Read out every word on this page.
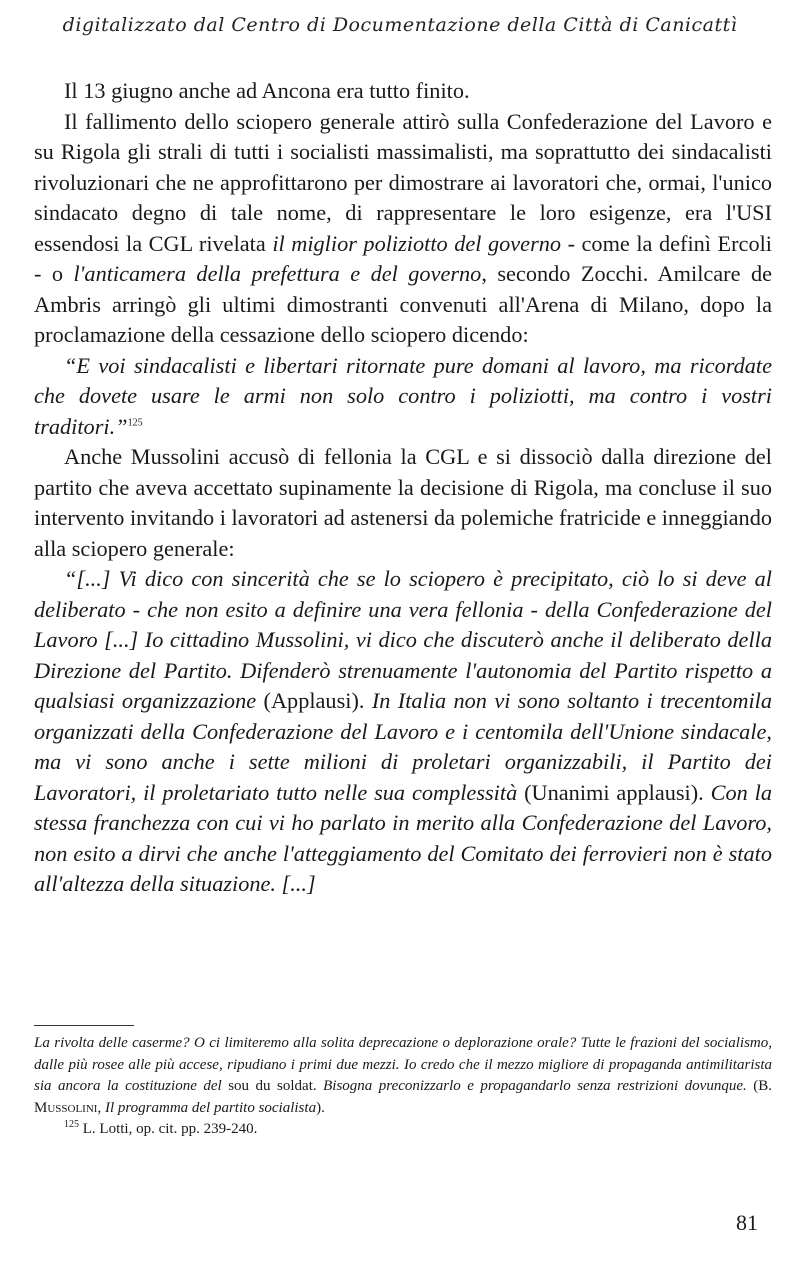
digitalizzato dal Centro di Documentazione della Città di Canicattì

Il 13 giugno anche ad Ancona era tutto finito.

Il fallimento dello sciopero generale attirò sulla Confederazione del Lavoro e su Rigola gli strali di tutti i socialisti massimalisti, ma soprattutto dei sindacalisti rivoluzionari che ne approfittarono per dimostrare ai lavoratori che, ormai, l'unico sindacato degno di tale nome, di rappresentare le loro esigenze, era l'USI essendosi la CGL rivelata il miglior poliziotto del governo - come la definì Ercoli - o l'anticamera della prefettura e del governo, secondo Zocchi. Amilcare de Ambris arringò gli ultimi dimostranti convenuti all'Arena di Milano, dopo la proclamazione della cessazione dello sciopero dicendo:

“E voi sindacalisti e libertari ritornate pure domani al lavoro, ma ricordate che dovete usare le armi non solo contro i poliziotti, ma contro i vostri traditori.”$^{125}$

Anche Mussolini accusò di fellonia la CGL e si dissociò dalla direzione del partito che aveva accettato supinamente la decisione di Rigola, ma concluse il suo intervento invitando i lavoratori ad astenersi da polemiche fratricide e inneggiando alla sciopero generale:

“[...] Vi dico con sincerità che se lo sciopero è precipitato, ciò lo si deve al deliberato - che non esito a definire una vera fellonia - della Confederazione del Lavoro [...] Io cittadino Mussolini, vi dico che discuterò anche il deliberato della Direzione del Partito. Difenderò strenuamente l'autonomia del Partito rispetto a qualsiasi organizzazione (Applausi). In Italia non vi sono soltanto i trecentomila organizzati della Confederazione del Lavoro e i centomila dell'Unione sindacale, ma vi sono anche i sette milioni di proletari organizzabili, il Partito dei Lavoratori, il proletariato tutto nelle sua complessità (Unanimi applausi). Con la stessa franchezza con cui vi ho parlato in merito alla Confederazione del Lavoro, non esito a dirvi che anche l'atteggiamento del Comitato dei ferrovieri non è stato all'altezza della situazione. [...]

La rivolta delle caserme? O ci limiteremo alla solita deprecazione o deplorazione orale? Tutte le frazioni del socialismo, dalle più rosee alle più accese, ripudiano i primi due mezzi. Io credo che il mezzo migliore di propaganda antimilitarista sia ancora la costituzione del sou du soldat. Bisogna preconizzarlo e propagandarlo senza restrizioni dovunque. (B. Mussolini, Il programma del partito socialista).

$^{125}$ L. Lotti, op. cit. pp. 239-240.

81
